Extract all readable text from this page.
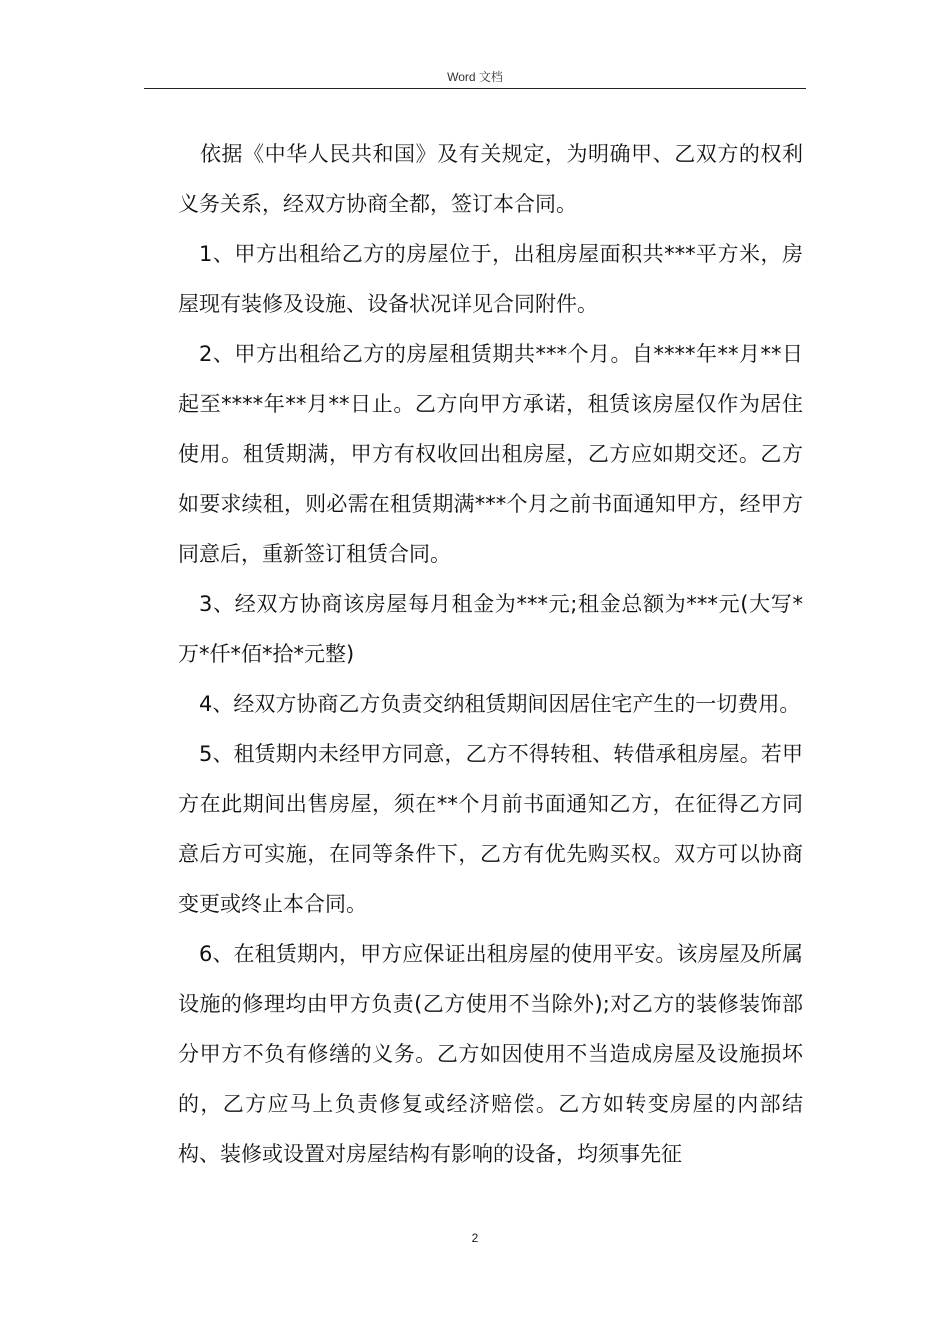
Word 文档

依据《中华人民共和国》及有关规定，为明确甲、乙双方的权利义务关系，经双方协商全都，签订本合同。

1、甲方出租给乙方的房屋位于，出租房屋面积共***平方米，房屋现有装修及设施、设备状况详见合同附件。

2、甲方出租给乙方的房屋租赁期共***个月。自****年**月**日起至****年**月**日止。乙方向甲方承诺，租赁该房屋仅作为居住使用。租赁期满，甲方有权收回出租房屋，乙方应如期交还。乙方如要求续租，则必需在租赁期满***个月之前书面通知甲方，经甲方同意后，重新签订租赁合同。

3、经双方协商该房屋每月租金为***元;租金总额为***元(大写*万*仟*佰*拾*元整)

4、经双方协商乙方负责交纳租赁期间因居住宅产生的一切费用。

5、租赁期内未经甲方同意，乙方不得转租、转借承租房屋。若甲方在此期间出售房屋，须在**个月前书面通知乙方，在征得乙方同意后方可实施，在同等条件下，乙方有优先购买权。双方可以协商变更或终止本合同。

6、在租赁期内，甲方应保证出租房屋的使用平安。该房屋及所属设施的修理均由甲方负责(乙方使用不当除外);对乙方的装修装饰部分甲方不负有修缮的义务。乙方如因使用不当造成房屋及设施损坏的，乙方应马上负责修复或经济赔偿。乙方如转变房屋的内部结构、装修或设置对房屋结构有影响的设备，均须事先征

2
